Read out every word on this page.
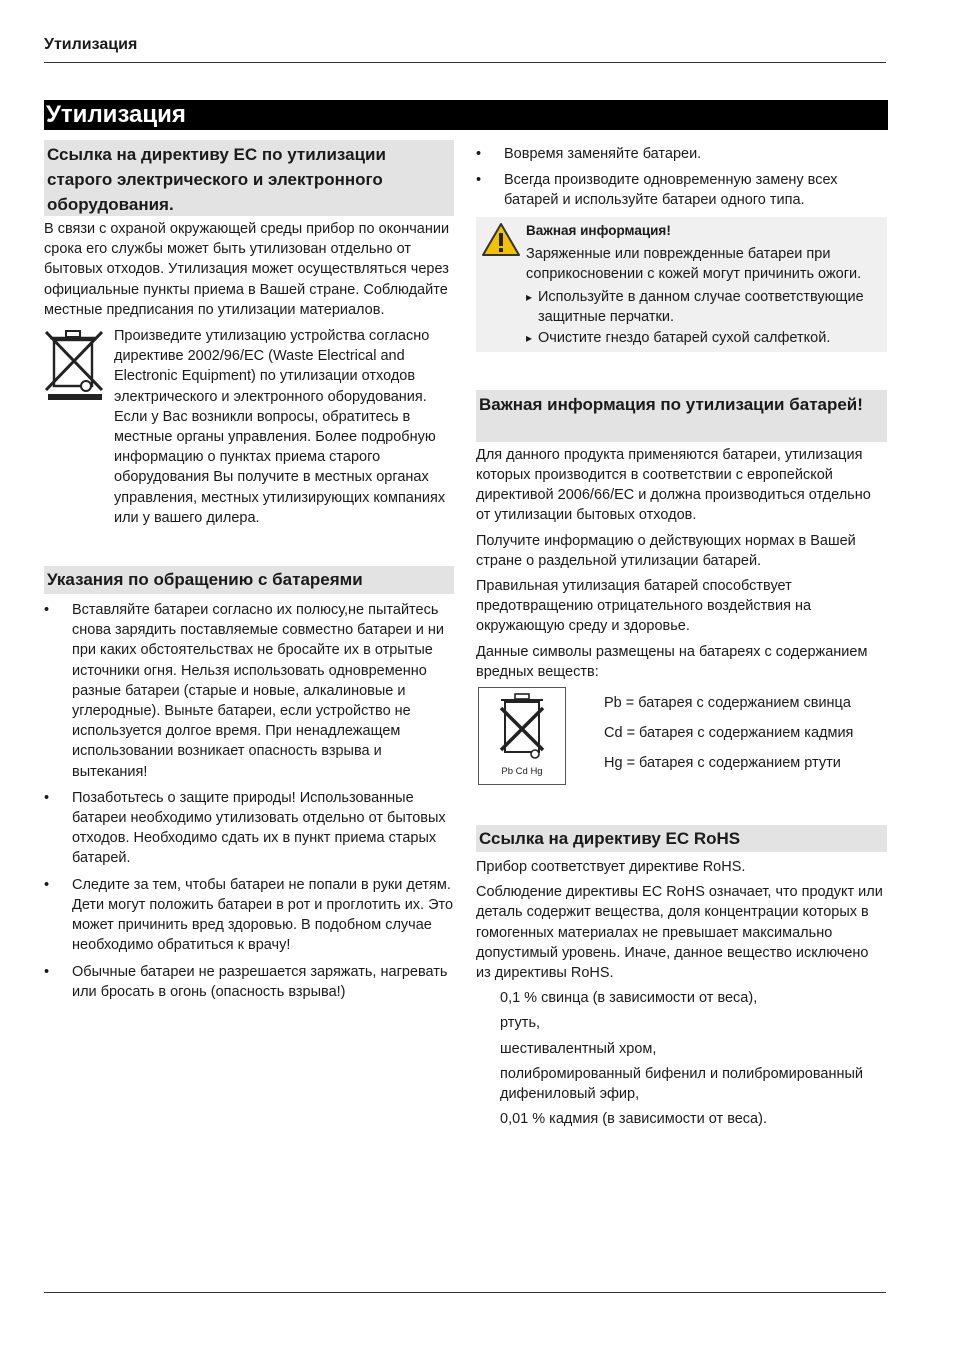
Утилизация
Утилизация
Ссылка на директиву ЕС по утилизации старого электрического и электронного оборудования.

В связи с охраной окружающей среды прибор по окончании срока его службы может быть утилизован отдельно от бытовых отходов. Утилизация может осуществляться через официальные пункты приема в Вашей стране. Соблюдайте местные предписания по утилизации материалов.

Произведите утилизацию устройства согласно директиве 2002/96/EC (Waste Electrical and Electronic Equipment) по утилизации отходов электрического и электронного оборудования.
Если у Вас возникли вопросы, обратитесь в местные органы управления. Более подробную информацию о пунктах приема старого оборудования Вы получите в местных органах управления, местных утилизирующих компаниях или у вашего дилера.
Указания по обращению с батареями
• Вставляйте батареи согласно их полюсу,не пытайтесь снова зарядить поставляемые совместно батареи и ни при каких обстоятельствах не бросайте их в отрытые источники огня. Нельзя использовать одновременно разные батареи (старые и новые, алкалиновые и углеродные). Выньте батареи, если устройство не используется долгое время. При ненадлежащем использовании возникает опасность взрыва и вытекания!
• Позаботьтесь о защите природы! Использованные батареи необходимо утилизовать отдельно от бытовых отходов. Необходимо сдать их в пункт приема старых батарей.
• Следите за тем, чтобы батареи не попали в руки детям. Дети могут положить батареи в рот и проглотить их. Это может причинить вред здоровью. В подобном случае необходимо обратиться к врачу!
• Обычные батареи не разрешается заряжать, нагревать или бросать в огонь (опасность взрыва!)
• Вовремя заменяйте батареи.
• Всегда производите одновременную замену всех батарей и используйте батареи одного типа.
Важная информация!
Заряженные или поврежденные батареи при соприкосновении с кожей могут причинить ожоги.
▸ Используйте в данном случае соответствующие защитные перчатки.
▸ Очистите гнездо батарей сухой салфеткой.
Важная информация по утилизации батарей!

Для данного продукта применяются батареи, утилизация которых производится в соответствии с европейской директивой 2006/66/EC и должна производиться отдельно от утилизации бытовых отходов.

Получите информацию о действующих нормах в Вашей стране о раздельной утилизации батарей.

Правильная утилизация батарей способствует предотвращению отрицательного воздействия на окружающую среду и здоровье.

Данные символы размещены на батареях с содержанием вредных веществ:

Pb Cd Hg
Pb = батарея с содержанием свинца
Cd = батарея с содержанием кадмия
Hg = батарея с содержанием ртути
Ссылка на директиву EC RoHS

Прибор соответствует директиве RoHS.

Соблюдение директивы EC RoHS означает, что продукт или деталь содержит вещества, доля концентрации которых в гомогенных материалах не превышает максимально допустимый уровень. Иначе, данное вещество исключено из директивы RoHS.

0,1 % свинца (в зависимости от веса),
ртуть,
шестивалентный хром,
полибромированный бифенил и полибромированный дифениловый эфир,
0,01 % кадмия (в зависимости от веса).
